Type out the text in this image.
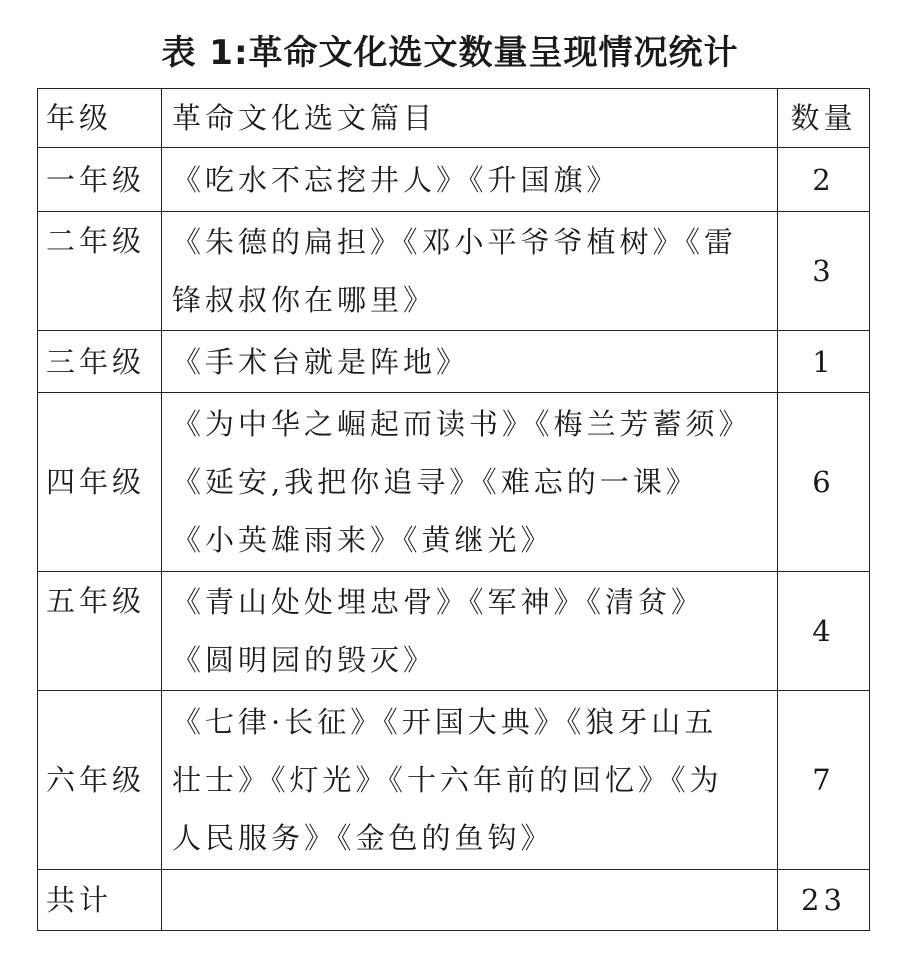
表 1:革命文化选文数量呈现情况统计
年级	革命文化选文篇目	数量
一年级	《吃水不忘挖井人》《升国旗》	2
二年级	《朱德的扁担》《邓小平爷爷植树》《雷
锋叔叔你在哪里》	3
三年级	《手术台就是阵地》	1
四年级	《为中华之崛起而读书》《梅兰芳蓄须》
《延安,我把你追寻》《难忘的一课》
《小英雄雨来》《黄继光》	6
五年级	《青山处处埋忠骨》《军神》《清贫》
《圆明园的毁灭》	4
六年级	《七律·长征》《开国大典》《狼牙山五
壮士》《灯光》《十六年前的回忆》《为
人民服务》《金色的鱼钩》	7
共计		23
